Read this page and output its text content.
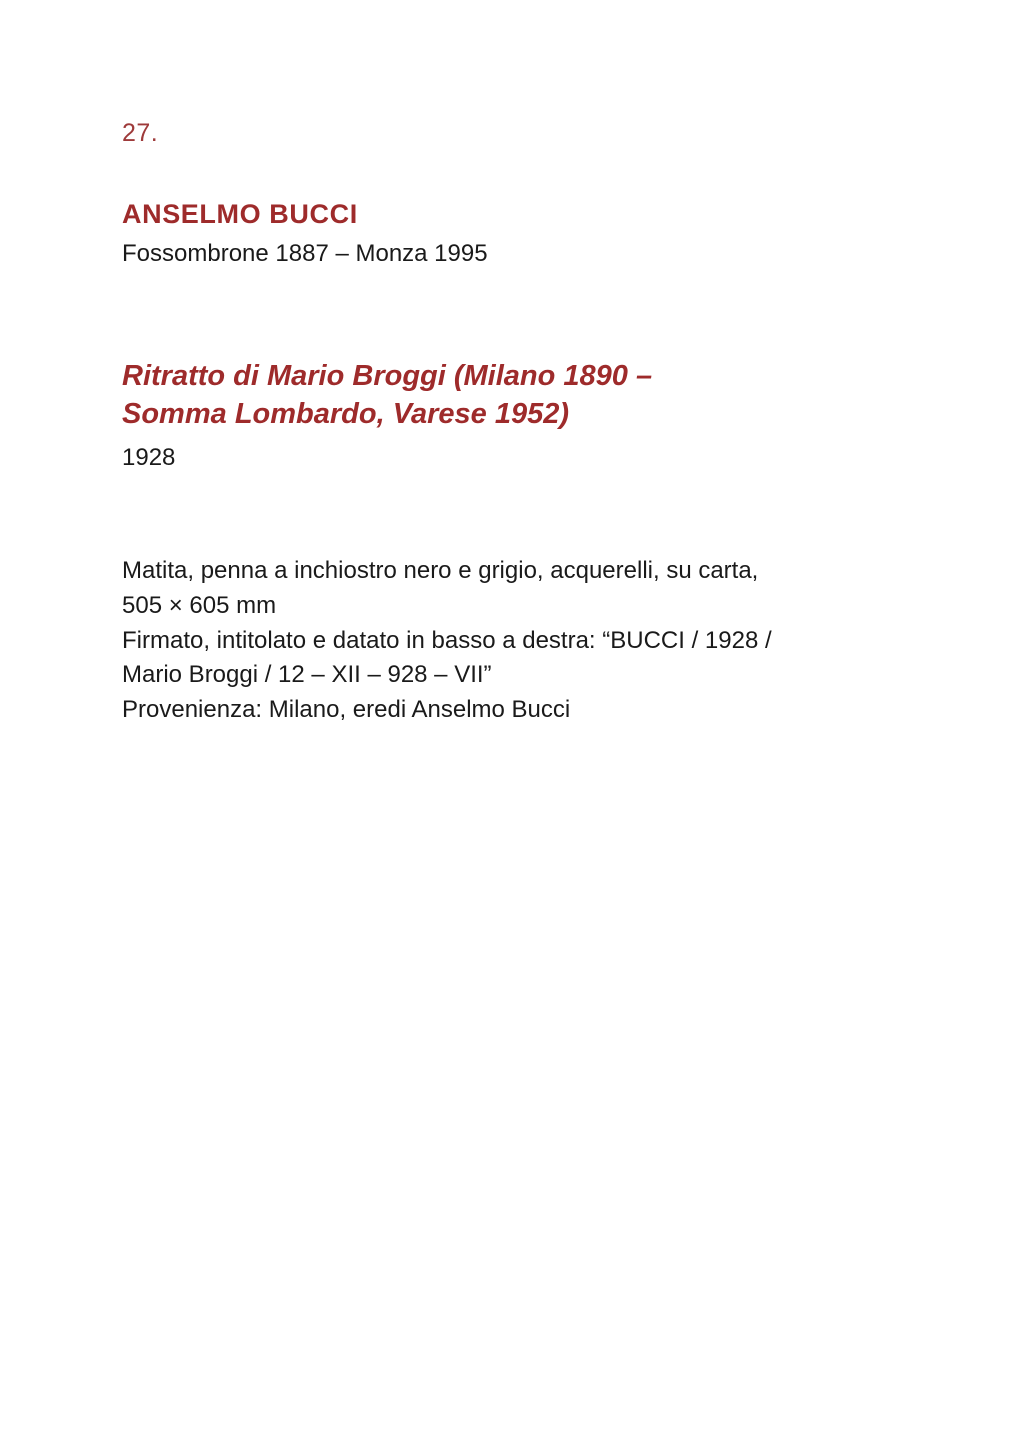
27.
ANSELMO BUCCI
Fossombrone 1887 – Monza 1995
Ritratto di Mario Broggi (Milano 1890 –
Somma Lombardo, Varese 1952)
1928

Matita, penna a inchiostro nero e grigio, acquerelli, su carta,

505 × 605 mm

Firmato, intitolato e datato in basso a destra: “BUCCI / 1928 /

Mario Broggi / 12 – XII – 928 – VII”

Provenienza: Milano, eredi Anselmo Bucci
